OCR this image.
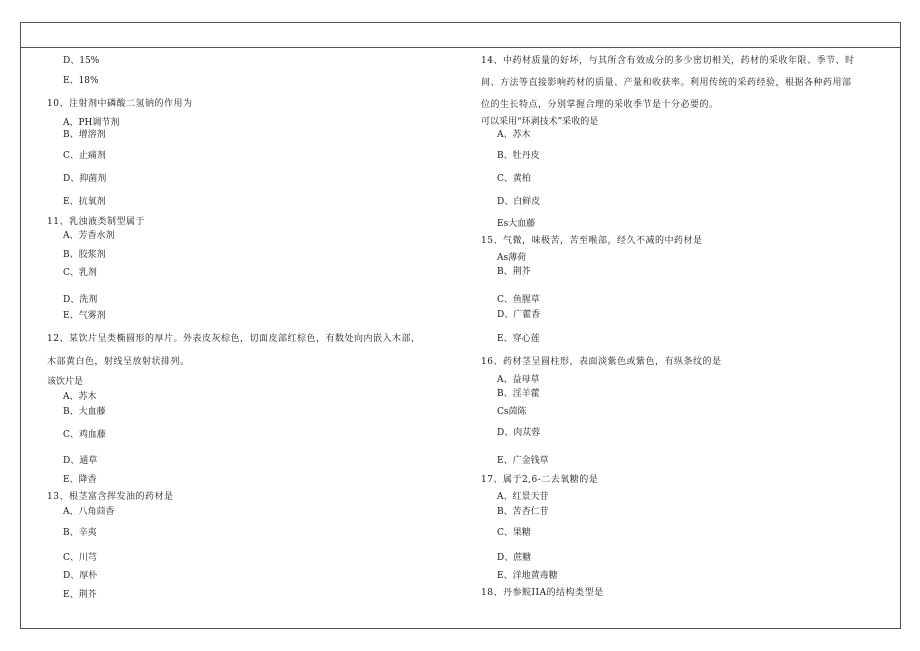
D、15%
E、18%
10、注射剂中磷酸二氢钠的作用为
A、PH调节剂
B、增溶剂
C、止痛剂
D、抑菌剂
E、抗氧剂
11、乳浊液类制型属于
A、芳香水剂
B、胶浆剂
C、乳剂
D、洗剂
E、气雾剂
12、某饮片呈类椭圆形的厚片。外表皮灰棕色，切面皮部红棕色，有数处向内嵌入木部，
木部黄白色，射线呈放射状排列。
该饮片是
A、苏木
B、大血藤
C、鸡血藤
D、通草
E、降香
13、根茎富含挥发油的药材是
A、八角茴香
B、辛夷
C、川芎
D、厚朴
E、荆芥
14、中药材质量的好坏，与其所含有效成分的多少密切相关，药材的采收年限、季节、时
间、方法等直接影响药材的质量、产量和收获率。利用传统的采药经验，根据各种药用部
位的生长特点，分别掌握合理的采收季节是十分必要的。
可以采用“环剥技术”采收的是
A、苏木
B、牡丹皮
C、黄柏
D、白鲜皮
Es大血藤
15、气微，味极苦，苦至喉部，经久不减的中药材是
As薄荷
B、荆芥
C、鱼腥草
D、广藿香
E、穿心莲
16、药材茎呈圆柱形，表面淡紫色或紫色，有纵条纹的是
A、益母草
B、淫羊藿
Cs茵陈
D、肉苁蓉
E、广金钱草
17、属于2,6-二去氧糖的是
A、红景天苷
B、苦杏仁苷
C、果糖
D、蔗糖
E、洋地黄毒糖
18、丹参鲩IIA的结构类型是
